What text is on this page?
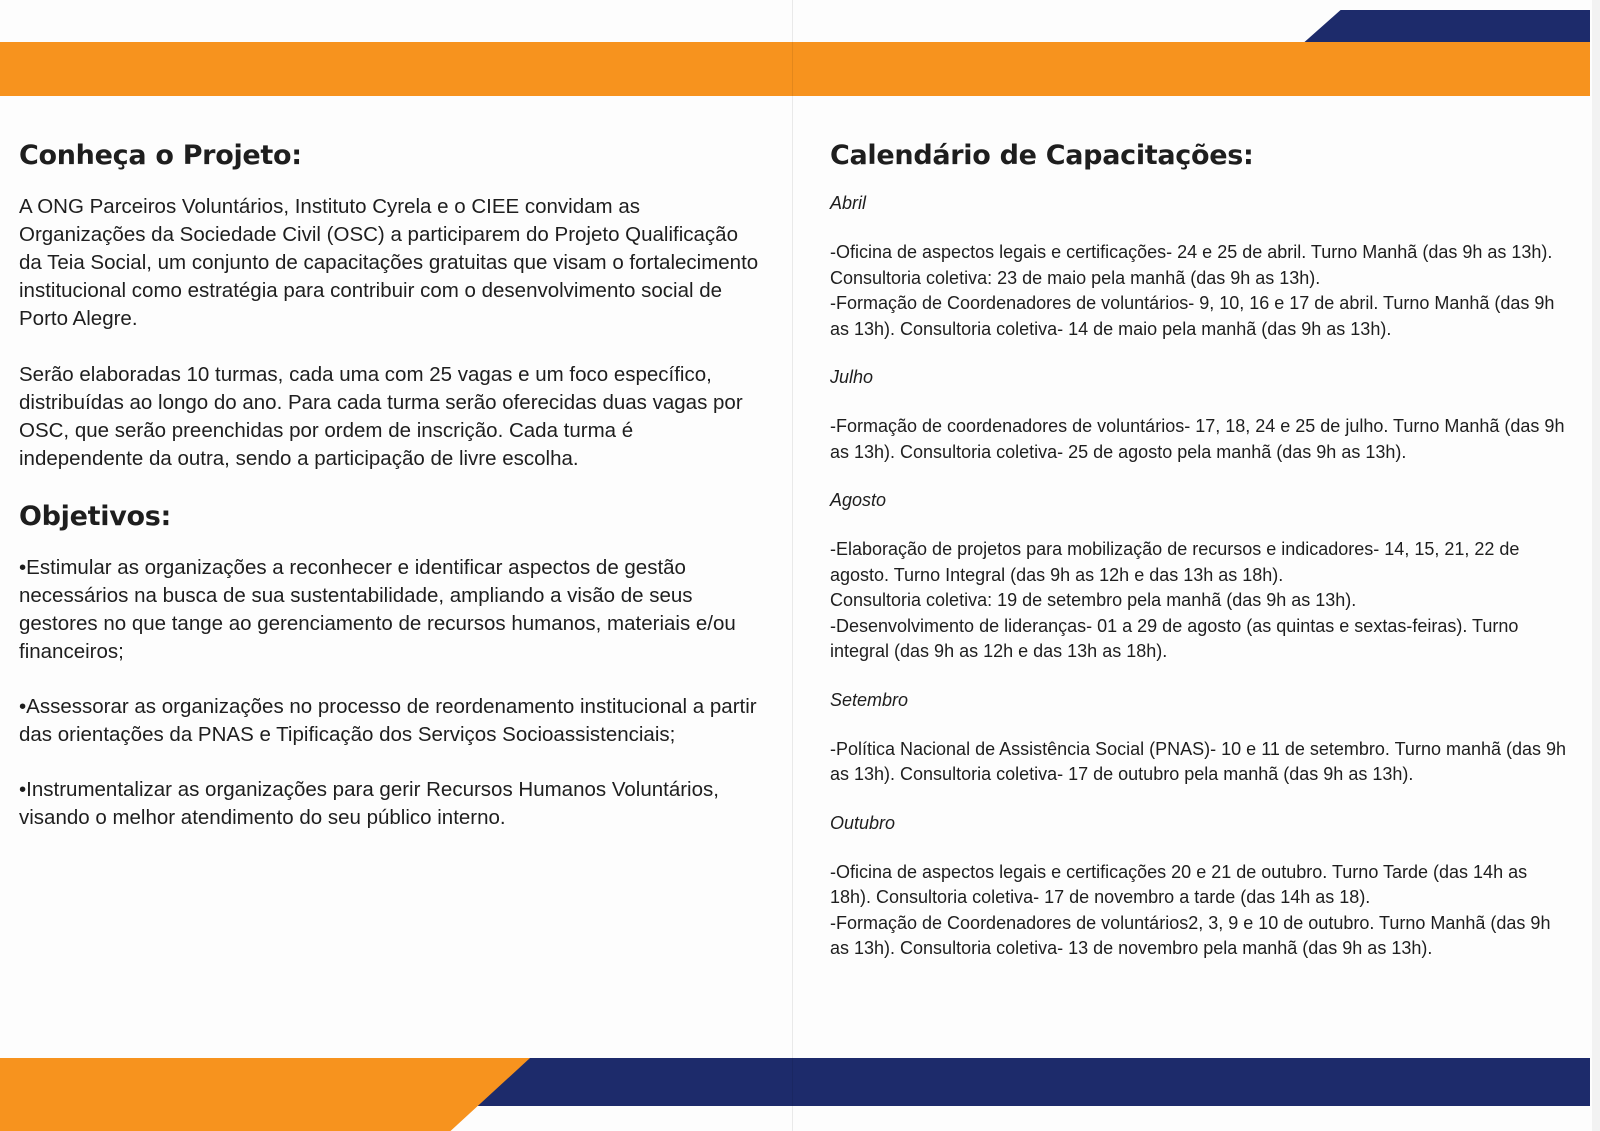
Conheça o Projeto:

A ONG Parceiros Voluntários, Instituto Cyrela e o CIEE convidam as Organizações da Sociedade Civil (OSC) a participarem do Projeto Qualificação da Teia Social, um conjunto de capacitações gratuitas que visam o fortalecimento institucional como estratégia para contribuir com o desenvolvimento social de Porto Alegre.

Serão elaboradas 10 turmas, cada uma com 25 vagas e um foco específico, distribuídas ao longo do ano. Para cada turma serão oferecidas duas vagas por OSC, que serão preenchidas por ordem de inscrição. Cada turma é independente da outra, sendo a participação de livre escolha.

Objetivos:

•Estimular as organizações a reconhecer e identificar aspectos de gestão necessários na busca de sua sustentabilidade, ampliando a visão de seus gestores no que tange ao gerenciamento de recursos humanos, materiais e/ou financeiros;

•Assessorar as organizações no processo de reordenamento institucional a partir das orientações da PNAS e Tipificação dos Serviços Socioassistenciais;

•Instrumentalizar as organizações para gerir Recursos Humanos Voluntários, visando o melhor atendimento do seu público interno.

Calendário de Capacitações:

Abril

-Oficina de aspectos legais e certificações- 24 e 25 de abril. Turno Manhã (das 9h as 13h). Consultoria coletiva: 23 de maio pela manhã (das 9h as 13h).

-Formação de Coordenadores de voluntários- 9, 10, 16 e 17 de abril. Turno Manhã (das 9h as 13h). Consultoria coletiva- 14 de maio pela manhã (das 9h as 13h).

Julho

-Formação de coordenadores de voluntários- 17, 18, 24 e 25 de julho. Turno Manhã (das 9h as 13h). Consultoria coletiva- 25 de agosto pela manhã (das 9h as 13h).

Agosto

-Elaboração de projetos para mobilização de recursos e indicadores- 14, 15, 21, 22 de agosto. Turno Integral (das 9h as 12h e das 13h as 18h).

Consultoria coletiva: 19 de setembro pela manhã (das 9h as 13h).

-Desenvolvimento de lideranças- 01 a 29 de agosto (as quintas e sextas-feiras). Turno integral (das 9h as 12h e das 13h as 18h).

Setembro

-Política Nacional de Assistência Social (PNAS)- 10 e 11 de setembro. Turno manhã (das 9h as 13h). Consultoria coletiva- 17 de outubro pela manhã (das 9h as 13h).

Outubro

-Oficina de aspectos legais e certificações 20 e 21 de outubro. Turno Tarde (das 14h as 18h). Consultoria coletiva- 17 de novembro a tarde (das 14h as 18).

-Formação de Coordenadores de voluntários2, 3, 9 e 10 de outubro. Turno Manhã (das 9h as 13h). Consultoria coletiva- 13 de novembro pela manhã (das 9h as 13h).
